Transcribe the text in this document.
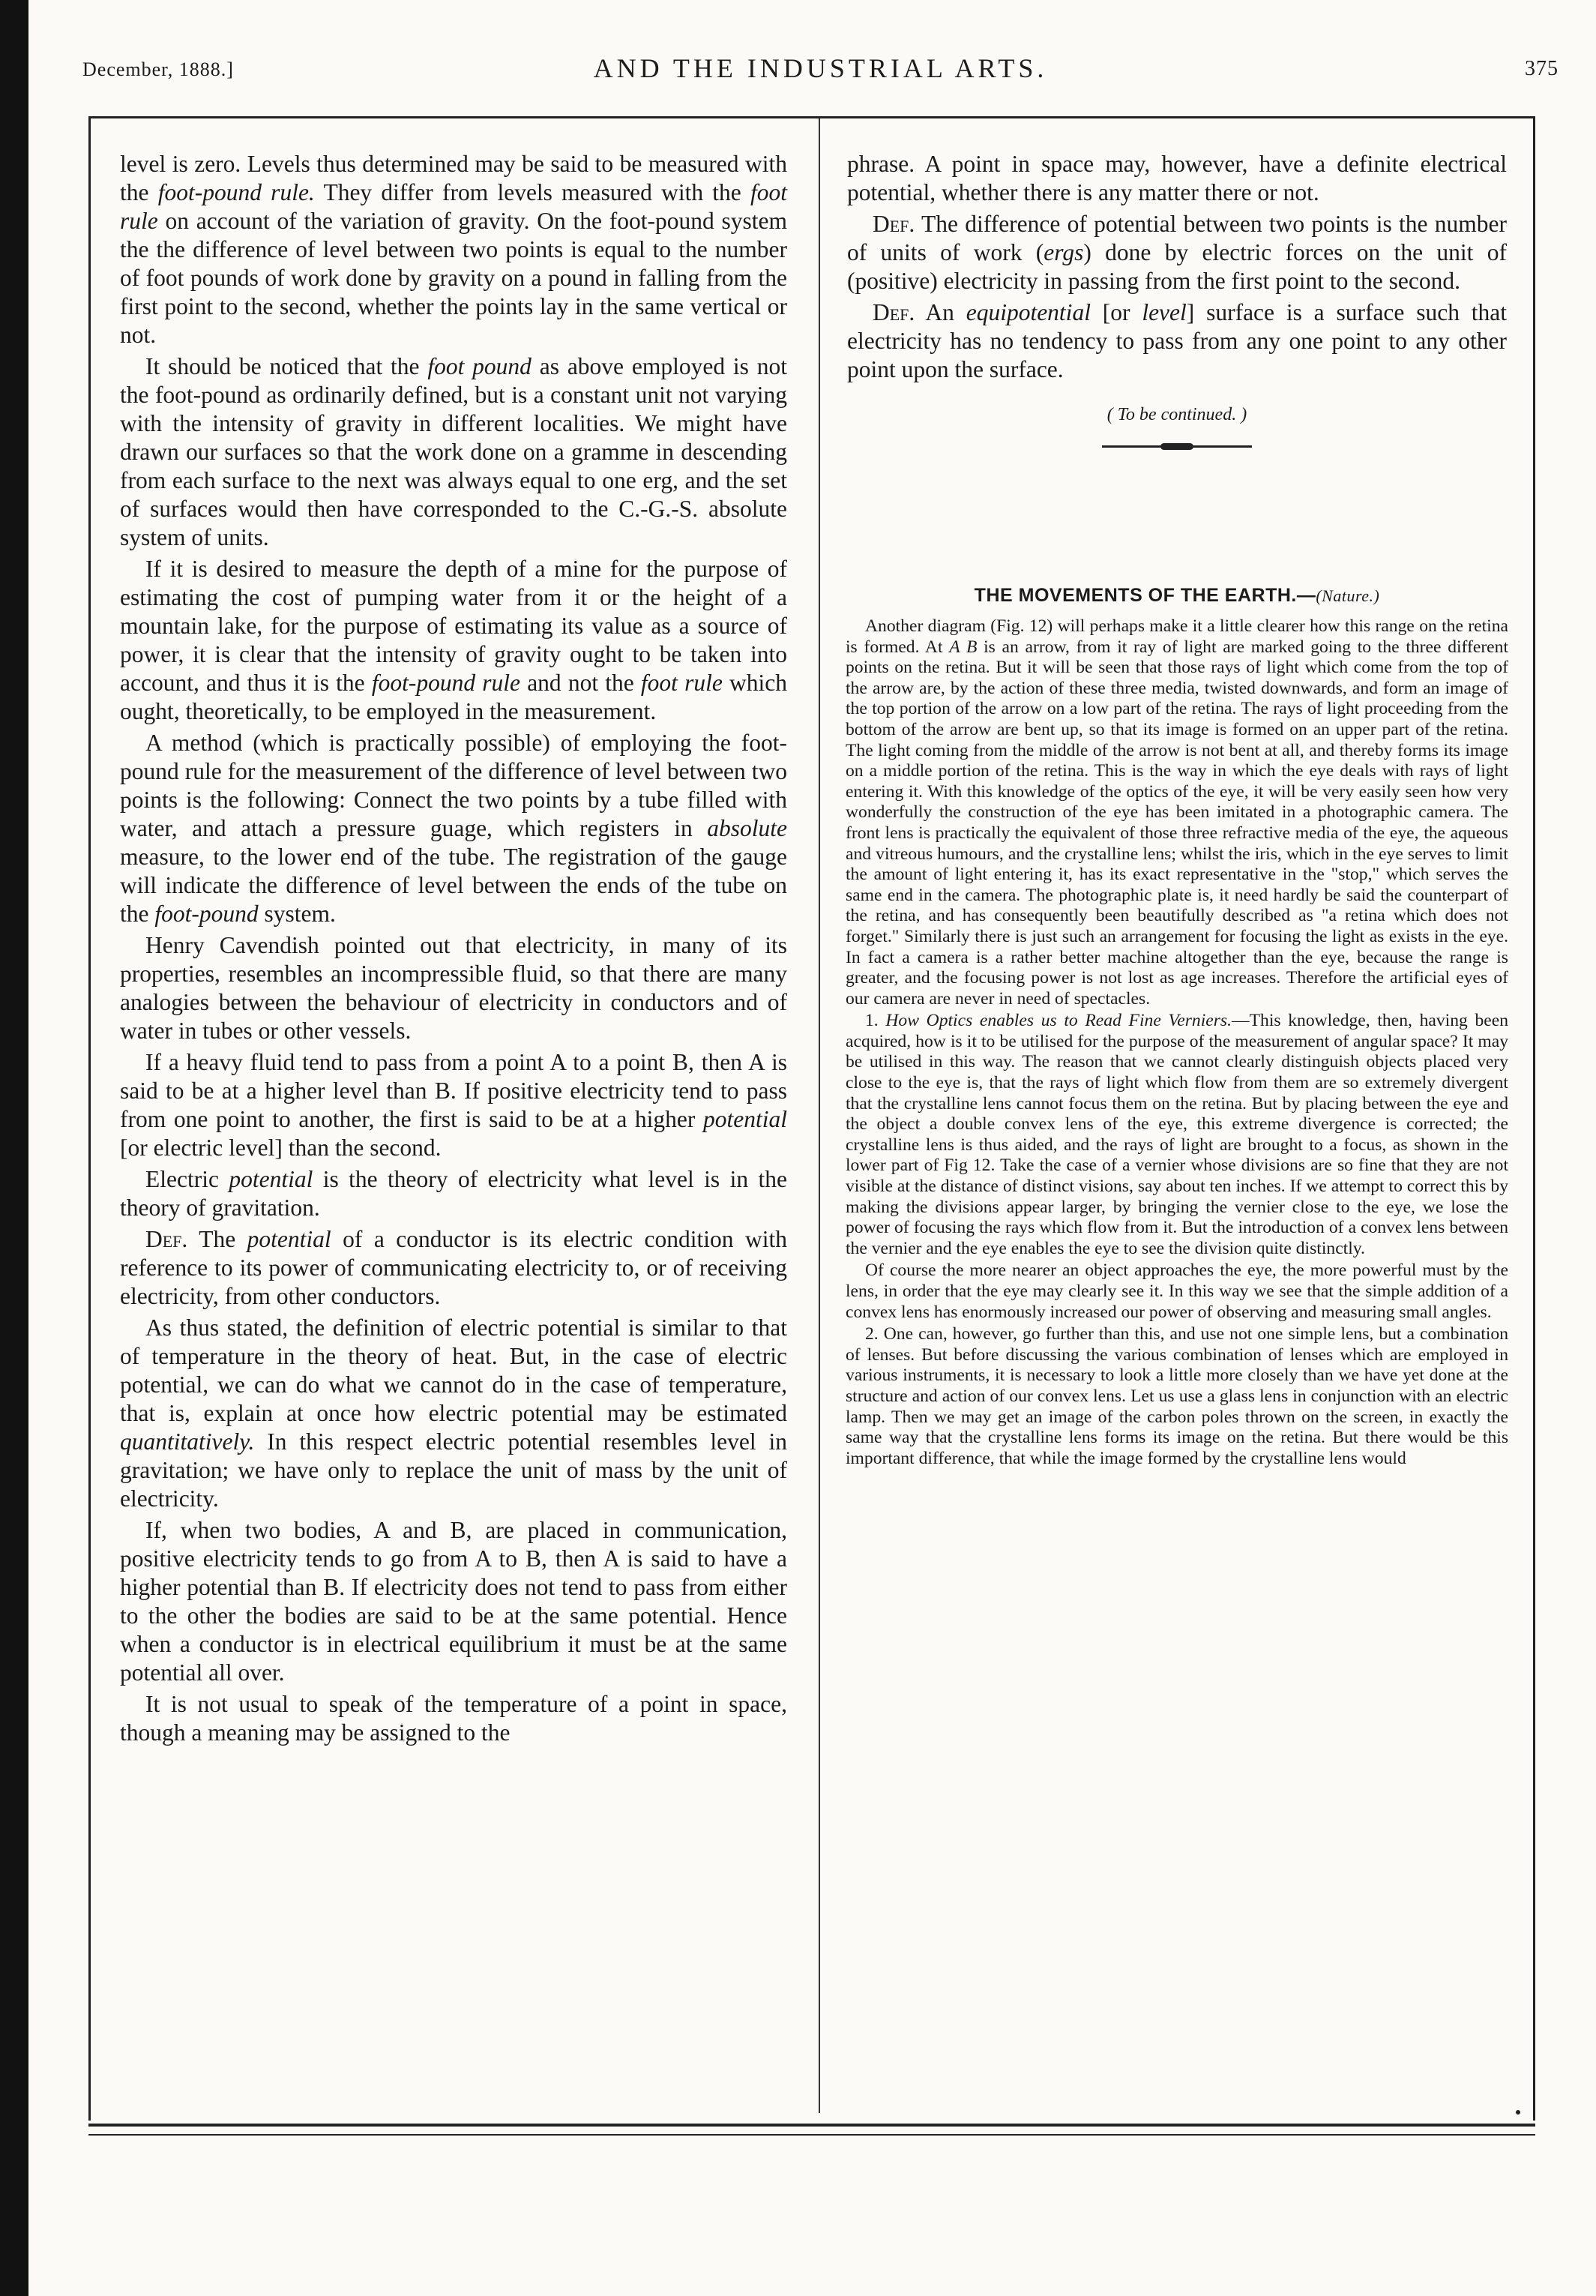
December, 1888.]	AND THE INDUSTRIAL ARTS.	375

level is zero. Levels thus determined may be said to be measured with the foot-pound rule. They differ from levels measured with the foot rule on account of the variation of gravity. On the foot-pound system the the difference of level between two points is equal to the number of foot pounds of work done by gravity on a pound in falling from the first point to the second, whether the points lay in the same vertical or not.

It should be noticed that the foot pound as above employed is not the foot-pound as ordinarily defined, but is a constant unit not varying with the intensity of gravity in different localities. We might have drawn our surfaces so that the work done on a gramme in descending from each surface to the next was always equal to one erg, and the set of surfaces would then have corresponded to the C.-G.-S. absolute system of units.

If it is desired to measure the depth of a mine for the purpose of estimating the cost of pumping water from it or the height of a mountain lake, for the purpose of estimating its value as a source of power, it is clear that the intensity of gravity ought to be taken into account, and thus it is the foot-pound rule and not the foot rule which ought, theoretically, to be employed in the measurement.

A method (which is practically possible) of employing the foot-pound rule for the measurement of the difference of level between two points is the following: Connect the two points by a tube filled with water, and attach a pressure guage, which registers in absolute measure, to the lower end of the tube. The registration of the gauge will indicate the difference of level between the ends of the tube on the foot-pound system.

Henry Cavendish pointed out that electricity, in many of its properties, resembles an incompressible fluid, so that there are many analogies between the behaviour of electricity in conductors and of water in tubes or other vessels.

If a heavy fluid tend to pass from a point A to a point B, then A is said to be at a higher level than B. If positive electricity tend to pass from one point to another, the first is said to be at a higher potential [or electric level] than the second.

Electric potential is the theory of electricity what level is in the theory of gravitation.

Def. The potential of a conductor is its electric condition with reference to its power of communicating electricity to, or of receiving electricity, from other conductors.

As thus stated, the definition of electric potential is similar to that of temperature in the theory of heat. But, in the case of electric potential, we can do what we cannot do in the case of temperature, that is, explain at once how electric potential may be estimated quantitatively. In this respect electric potential resembles level in gravitation; we have only to replace the unit of mass by the unit of electricity.

If, when two bodies, A and B, are placed in communication, positive electricity tends to go from A to B, then A is said to have a higher potential than B. If electricity does not tend to pass from either to the other the bodies are said to be at the same potential. Hence when a conductor is in electrical equilibrium it must be at the same potential all over.

It is not usual to speak of the temperature of a point in space, though a meaning may be assigned to the

phrase. A point in space may, however, have a definite electrical potential, whether there is any matter there or not.

Def. The difference of potential between two points is the number of units of work (ergs) done by electric forces on the unit of (positive) electricity in passing from the first point to the second.

Def. An equipotential [or level] surface is a surface such that electricity has no tendency to pass from any one point to any other point upon the surface.

( To be continued. )

THE MOVEMENTS OF THE EARTH.—(Nature.)

Another diagram (Fig. 12) will perhaps make it a little clearer how this range on the retina is formed. At A B is an arrow, from it ray of light are marked going to the three different points on the retina. But it will be seen that those rays of light which come from the top of the arrow are, by the action of these three media, twisted downwards, and form an image of the top portion of the arrow on a low part of the retina. The rays of light proceeding from the bottom of the arrow are bent up, so that its image is formed on an upper part of the retina. The light coming from the middle of the arrow is not bent at all, and thereby forms its image on a middle portion of the retina. This is the way in which the eye deals with rays of light entering it. With this knowledge of the optics of the eye, it will be very easily seen how very wonderfully the construction of the eye has been imitated in a photographic camera. The front lens is practically the equivalent of those three refractive media of the eye, the aqueous and vitreous humours, and the crystalline lens; whilst the iris, which in the eye serves to limit the amount of light entering it, has its exact representative in the "stop," which serves the same end in the camera. The photographic plate is, it need hardly be said the counterpart of the retina, and has consequently been beautifully described as "a retina which does not forget." Similarly there is just such an arrangement for focusing the light as exists in the eye. In fact a camera is a rather better machine altogether than the eye, because the range is greater, and the focusing power is not lost as age increases. Therefore the artificial eyes of our camera are never in need of spectacles.

1. How Optics enables us to Read Fine Verniers.—This knowledge, then, having been acquired, how is it to be utilised for the purpose of the measurement of angular space? It may be utilised in this way. The reason that we cannot clearly distinguish objects placed very close to the eye is, that the rays of light which flow from them are so extremely divergent that the crystalline lens cannot focus them on the retina. But by placing between the eye and the object a double convex lens of the eye, this extreme divergence is corrected; the crystalline lens is thus aided, and the rays of light are brought to a focus, as shown in the lower part of Fig 12. Take the case of a vernier whose divisions are so fine that they are not visible at the distance of distinct visions, say about ten inches. If we attempt to correct this by making the divisions appear larger, by bringing the vernier close to the eye, we lose the power of focusing the rays which flow from it. But the introduction of a convex lens between the vernier and the eye enables the eye to see the division quite distinctly.

Of course the more nearer an object approaches the eye, the more powerful must by the lens, in order that the eye may clearly see it. In this way we see that the simple addition of a convex lens has enormously increased our power of observing and measuring small angles.

2. One can, however, go further than this, and use not one simple lens, but a combination of lenses. But before discussing the various combination of lenses which are employed in various instruments, it is necessary to look a little more closely than we have yet done at the structure and action of our convex lens. Let us use a glass lens in conjunction with an electric lamp. Then we may get an image of the carbon poles thrown on the screen, in exactly the same way that the crystalline lens forms its image on the retina. But there would be this important difference, that while the image formed by the crystalline lens would
